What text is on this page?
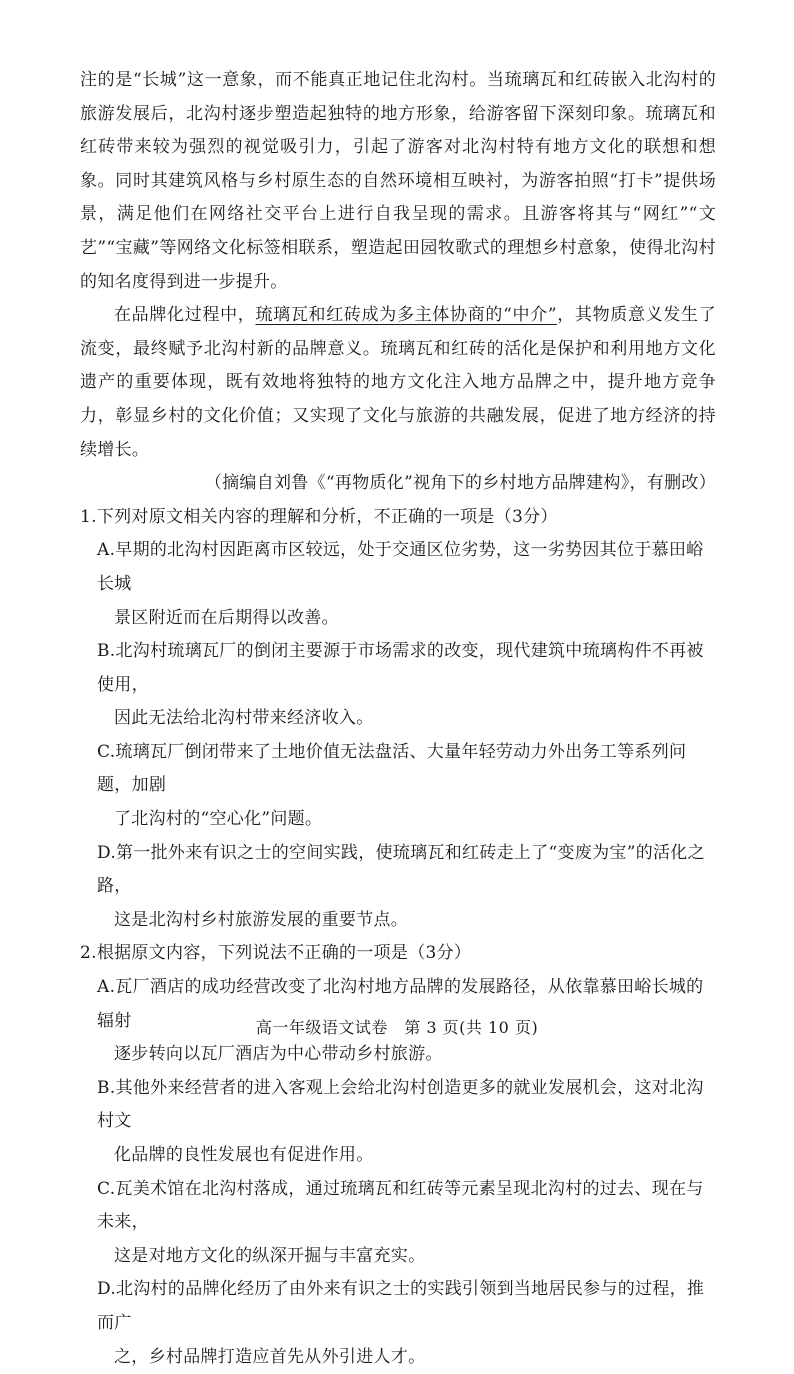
注的是“长城”这一意象，而不能真正地记住北沟村。当琉璃瓦和红砖嵌入北沟村的旅游发展后，北沟村逐步塑造起独特的地方形象，给游客留下深刻印象。琉璃瓦和红砖带来较为强烈的视觉吸引力，引起了游客对北沟村特有地方文化的联想和想象。同时其建筑风格与乡村原生态的自然环境相互映衬，为游客拍照“打卡”提供场景，满足他们在网络社交平台上进行自我呈现的需求。且游客将其与“网红”“文艺”“宝藏”等网络文化标签相联系，塑造起田园牧歌式的理想乡村意象，使得北沟村的知名度得到进一步提升。

在品牌化过程中，琉璃瓦和红砖成为多主体协商的“中介”，其物质意义发生了流变，最终赋予北沟村新的品牌意义。琉璃瓦和红砖的活化是保护和利用地方文化遗产的重要体现，既有效地将独特的地方文化注入地方品牌之中，提升地方竞争力，彰显乡村的文化价值；又实现了文化与旅游的共融发展，促进了地方经济的持续增长。

（摘编自刘鲁《“再物质化”视角下的乡村地方品牌建构》，有删改）

1.下列对原文相关内容的理解和分析，不正确的一项是（3分）

A.早期的北沟村因距离市区较远，处于交通区位劣势，这一劣势因其位于慕田峪长城
景区附近而在后期得以改善。

B.北沟村琉璃瓦厂的倒闭主要源于市场需求的改变，现代建筑中琉璃构件不再被使用，
因此无法给北沟村带来经济收入。

C.琉璃瓦厂倒闭带来了土地价值无法盘活、大量年轻劳动力外出务工等系列问题，加剧
了北沟村的“空心化”问题。

D.第一批外来有识之士的空间实践，使琉璃瓦和红砖走上了“变废为宝”的活化之路，
这是北沟村乡村旅游发展的重要节点。

2.根据原文内容，下列说法不正确的一项是（3分）

A.瓦厂酒店的成功经营改变了北沟村地方品牌的发展路径，从依靠慕田峪长城的辐射
逐步转向以瓦厂酒店为中心带动乡村旅游。

B.其他外来经营者的进入客观上会给北沟村创造更多的就业发展机会，这对北沟村文
化品牌的良性发展也有促进作用。

C.瓦美术馆在北沟村落成，通过琉璃瓦和红砖等元素呈现北沟村的过去、现在与未来，
这是对地方文化的纵深开掘与丰富充实。

D.北沟村的品牌化经历了由外来有识之士的实践引领到当地居民参与的过程，推而广
之，乡村品牌打造应首先从外引进人才。

高一年级语文试卷　第 3 页(共 10 页)
